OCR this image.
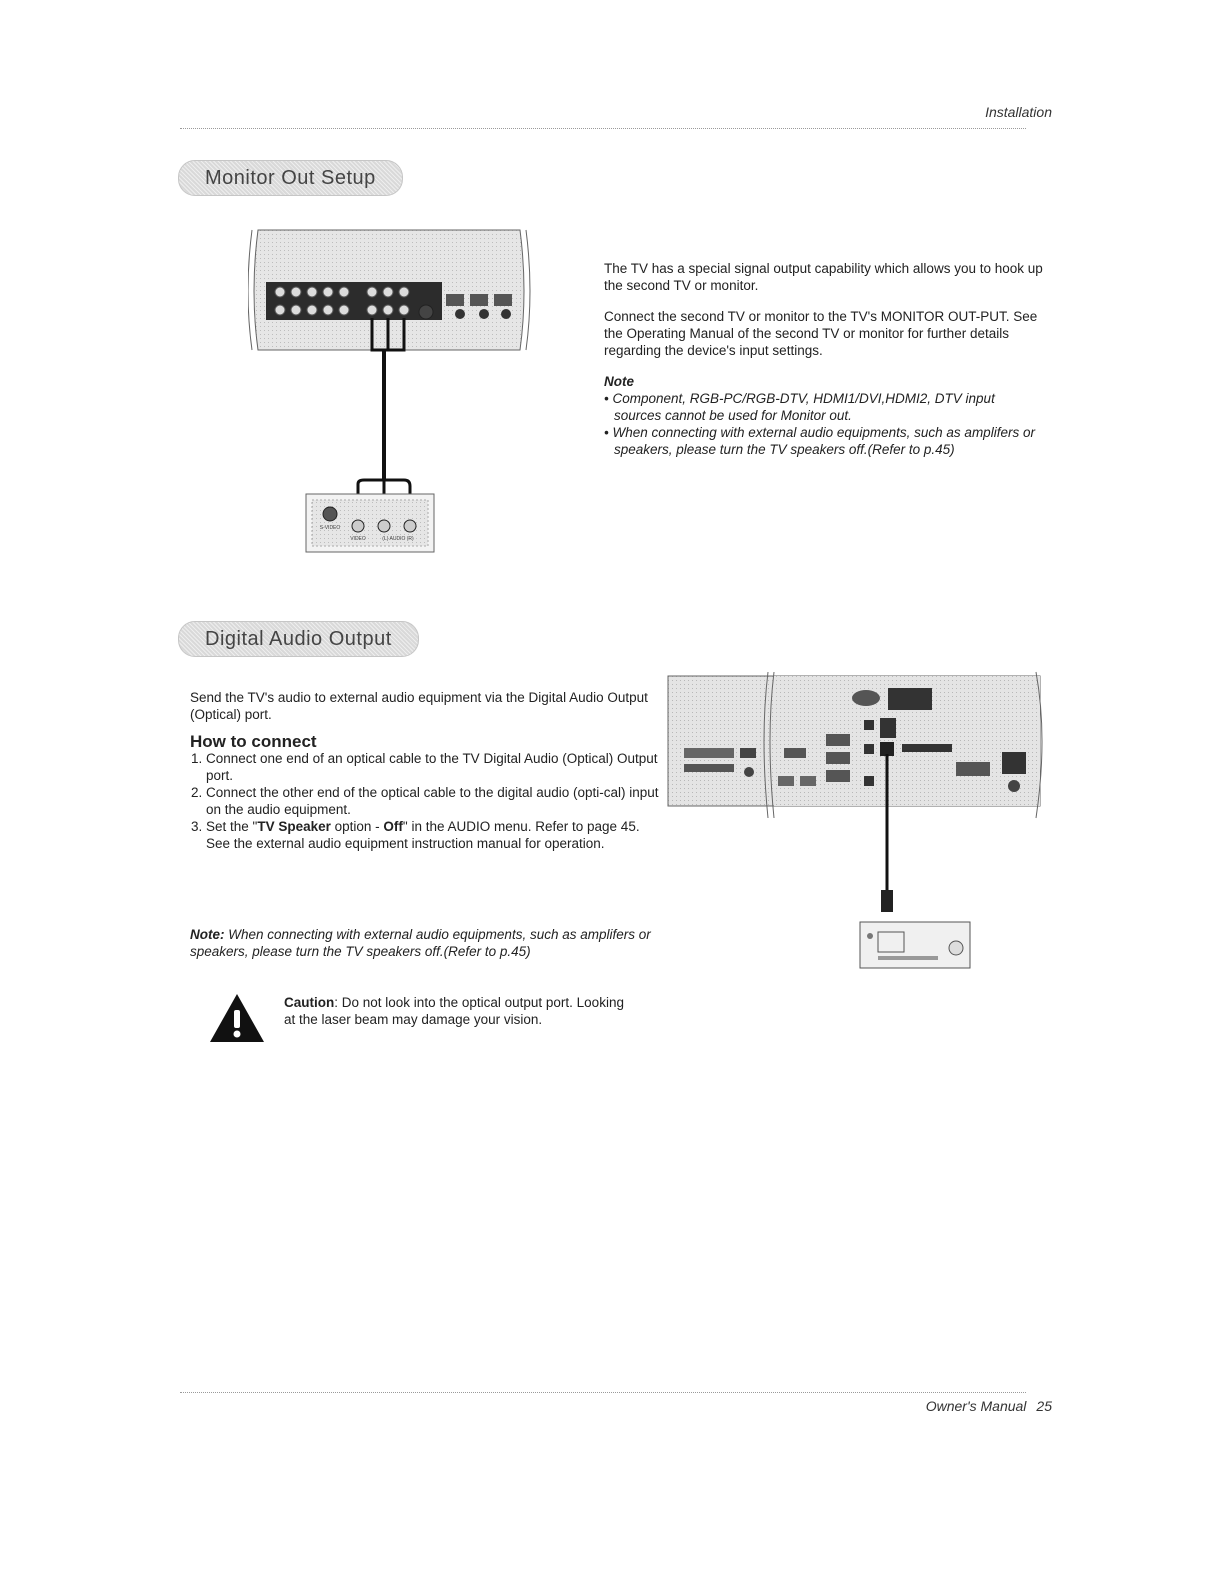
Installation
Monitor Out Setup
S-VIDEO
VIDEO	(L) AUDIO (R)

The TV has a special signal output capability which allows you to hook up the second TV or monitor.

Connect the second TV or monitor to the TV's MONITOR OUT-PUT. See the Operating Manual of the second TV or monitor for further details regarding the device's input settings.

Note

• Component, RGB-PC/RGB-DTV, HDMI1/DVI,HDMI2, DTV input sources cannot be used for Monitor out.

• When connecting with external audio equipments, such as amplifers or speakers, please turn the TV speakers off.(Refer to p.45)

Digital Audio Output

Send the TV's audio to external audio equipment via the Digital Audio Output (Optical) port.

How to connect

1. Connect one end of an optical cable to the TV Digital Audio (Optical) Output port.
2. Connect the other end of the optical cable to the digital audio (opti-cal) input on the audio equipment.
3. Set the "TV Speaker option - Off" in the AUDIO menu. Refer to page 45.
See the external audio equipment instruction manual for operation.
Note: When connecting with external audio equipments, such as amplifers or speakers, please turn the TV speakers off.(Refer to p.45)
Caution: Do not look into the optical output port. Looking at the laser beam may damage your vision.
Owner's Manual 25
